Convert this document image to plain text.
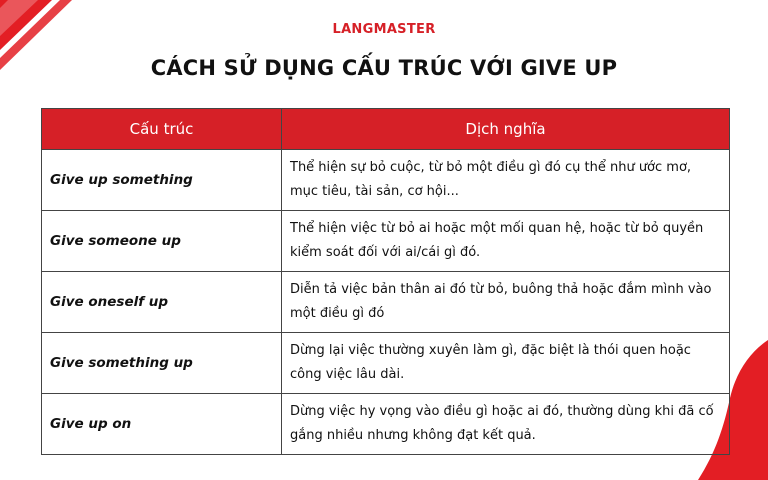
LANGMASTER
CÁCH SỬ DỤNG CẤU TRÚC VỚI GIVE UP
Cấu trúc	Dịch nghĩa
Give up something	Thể hiện sự bỏ cuộc, từ bỏ một điều gì đó cụ thể như ước mơ, mục tiêu, tài sản, cơ hội...
Give someone up	Thể hiện việc từ bỏ ai hoặc một mối quan hệ, hoặc từ bỏ quyền kiểm soát đối với ai/cái gì đó.
Give oneself up	Diễn tả việc bản thân ai đó từ bỏ, buông thả hoặc đắm mình vào một điều gì đó
Give something up	Dừng lại việc thường xuyên làm gì, đặc biệt là thói quen hoặc công việc lâu dài.
Give up on	Dừng việc hy vọng vào điều gì hoặc ai đó, thường dùng khi đã cố gắng nhiều nhưng không đạt kết quả.
